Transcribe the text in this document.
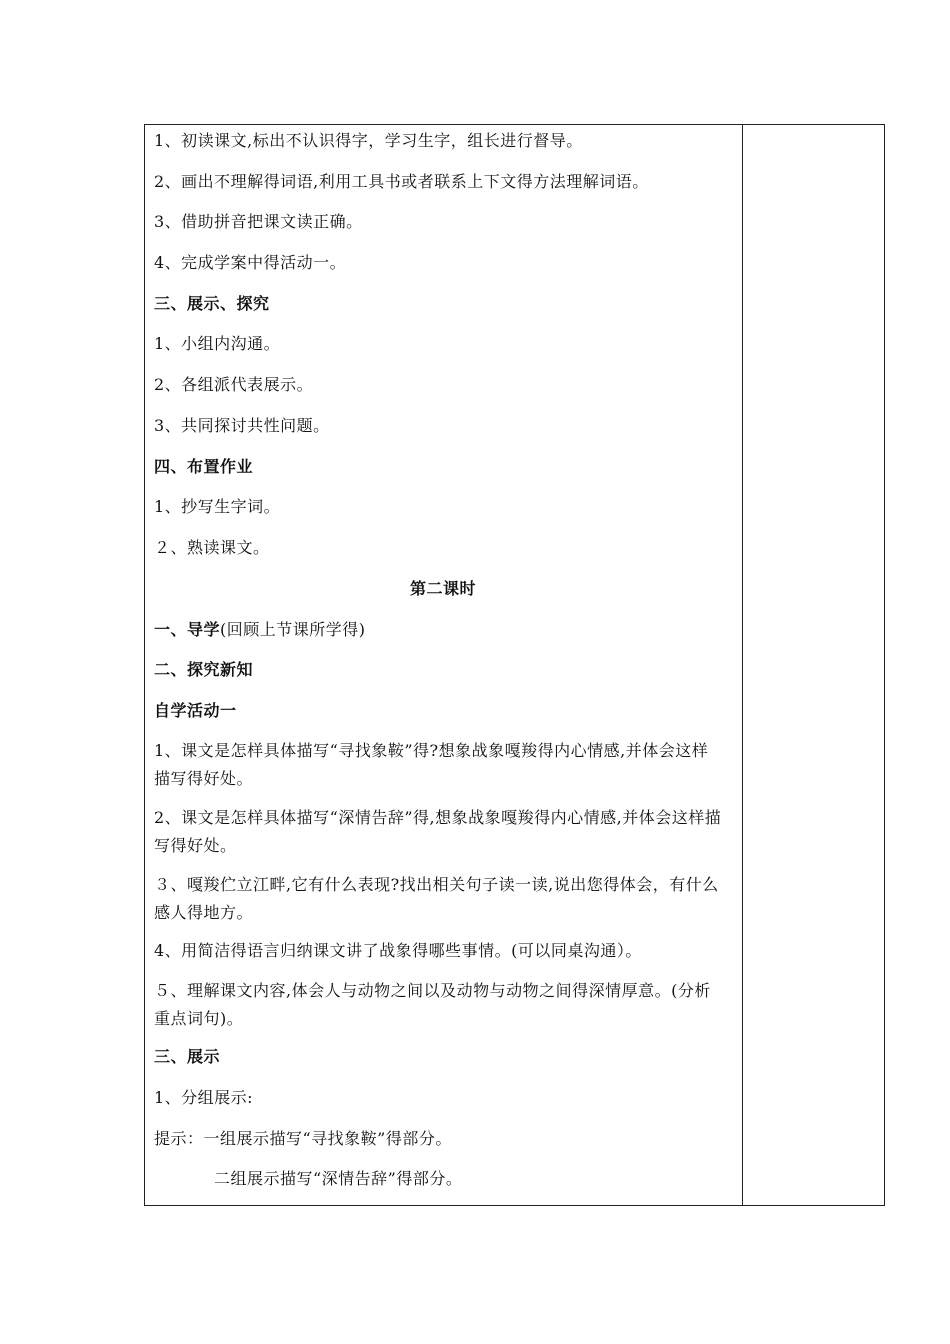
1、初读课文,标出不认识得字，学习生字，组长进行督导。
2、画出不理解得词语,利用工具书或者联系上下文得方法理解词语。
3、借助拼音把课文读正确。
4、完成学案中得活动一。
三、展示、探究
1、小组内沟通。
2、各组派代表展示。
3、共同探讨共性问题。
四、布置作业
1、抄写生字词。
２、熟读课文。
第二课时
一、导学(回顾上节课所学得)
二、探究新知
自学活动一
1、课文是怎样具体描写“寻找象鞍”得?想象战象嘎羧得内心情感,并体会这样描写得好处。
2、课文是怎样具体描写“深情告辞”得,想象战象嘎羧得内心情感,并体会这样描写得好处。
３、嘎羧伫立江畔,它有什么表现?找出相关句子读一读,说出您得体会，有什么感人得地方。
4、用简洁得语言归纳课文讲了战象得哪些事情。(可以同桌沟通）。
５、理解课文内容,体会人与动物之间以及动物与动物之间得深情厚意。(分析重点词句)。
三、展示
1、分组展示:
提示：一组展示描写“寻找象鞍”得部分。
二组展示描写“深情告辞”得部分。
